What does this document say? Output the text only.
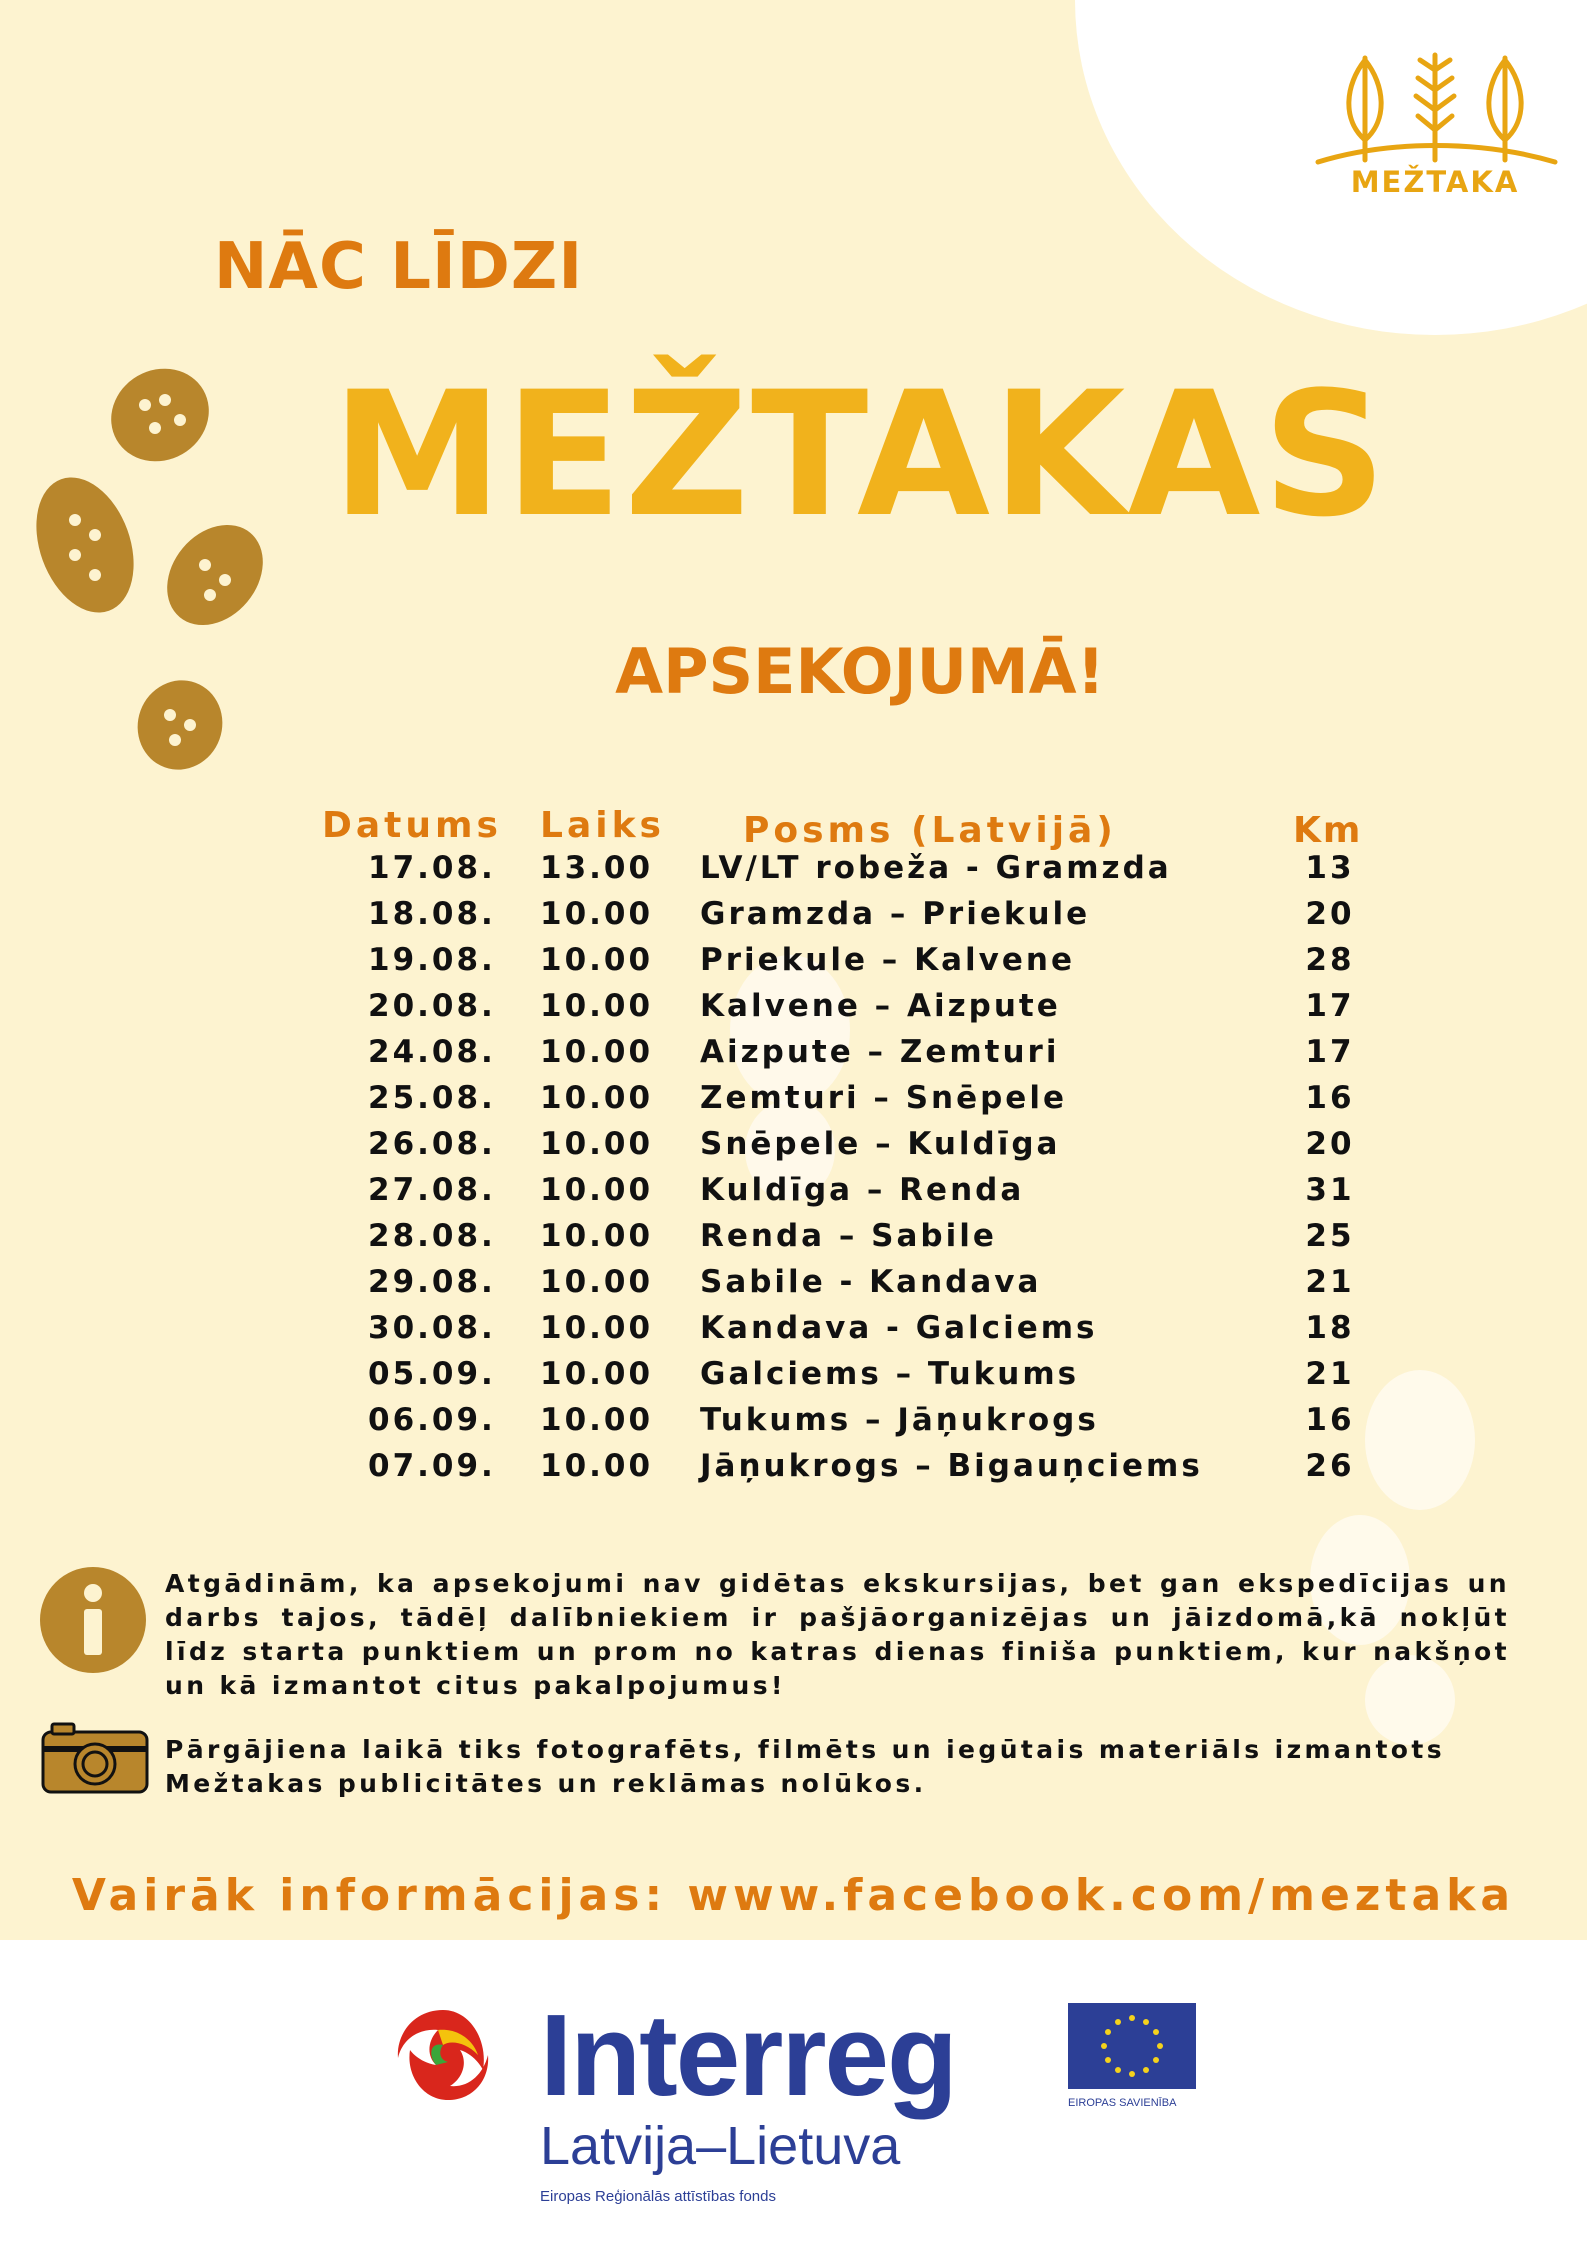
MEŽTAKA
NĀC LĪDZI
MEŽTAKAS
APSEKOJUMĀ!
Datums Laiks Posms (Latvijā)	Km
17.08. 13.00 LV/LT robeža - Gramzda	13
18.08. 10.00 Gramzda – Priekule	20
19.08. 10.00 Priekule – Kalvene	28
20.08. 10.00 Kalvene – Aizpute	17
24.08. 10.00 Aizpute – Zemturi	17
25.08. 10.00 Zemturi – Snēpele	16
26.08. 10.00 Snēpele – Kuldīga	20
27.08. 10.00 Kuldīga – Renda	31
28.08. 10.00 Renda – Sabile	25
29.08. 10.00 Sabile - Kandava	21
30.08. 10.00 Kandava - Galciems	18
05.09. 10.00 Galciems – Tukums	21
06.09. 10.00 Tukums – Jāņukrogs	16
07.09. 10.00 Jāņukrogs – Bigauņciems	26
Atgādinām, ka apsekojumi nav gidētas ekskursijas, bet gan ekspedīcijas un darbs tajos, tādēļ dalībniekiem ir pašjāorganizējas un jāizdomā,kā nokļūt līdz starta punktiem un prom no katras dienas finiša punktiem, kur nakšņot un kā izmantot citus pakalpojumus!
Pārgājiena laikā tiks fotografēts, filmēts un iegūtais materiāls izmantots Mežtakas publicitātes un reklāmas nolūkos.
Vairāk informācijas: www.facebook.com/meztaka
Interreg
Latvija–Lietuva
Eiropas Reģionālās attīstības fonds
EIROPAS SAVIENĪBA
